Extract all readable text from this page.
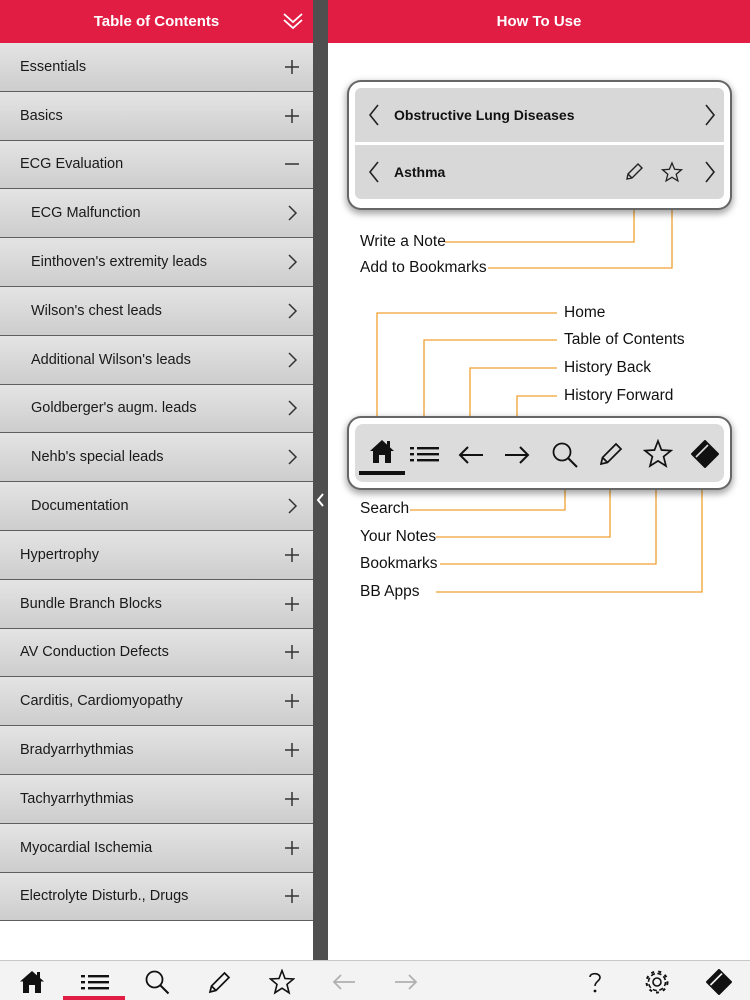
Table of Contents
Essentials
Basics
ECG Evaluation
ECG Malfunction
Einthoven's extremity leads
Wilson's chest leads
Additional Wilson's leads
Goldberger's augm. leads
Nehb's special leads
Documentation
Hypertrophy
Bundle Branch Blocks
AV Conduction Defects
Carditis, Cardiomyopathy
Bradyarrhythmias
Tachyarrhythmias
Myocardial Ischemia
Electrolyte Disturb., Drugs
How To Use
Obstructive Lung Diseases
Asthma
Write a Note
Add to Bookmarks
Home
Table of Contents
History Back
History Forward
Search
Your Notes
Bookmarks
BB Apps
